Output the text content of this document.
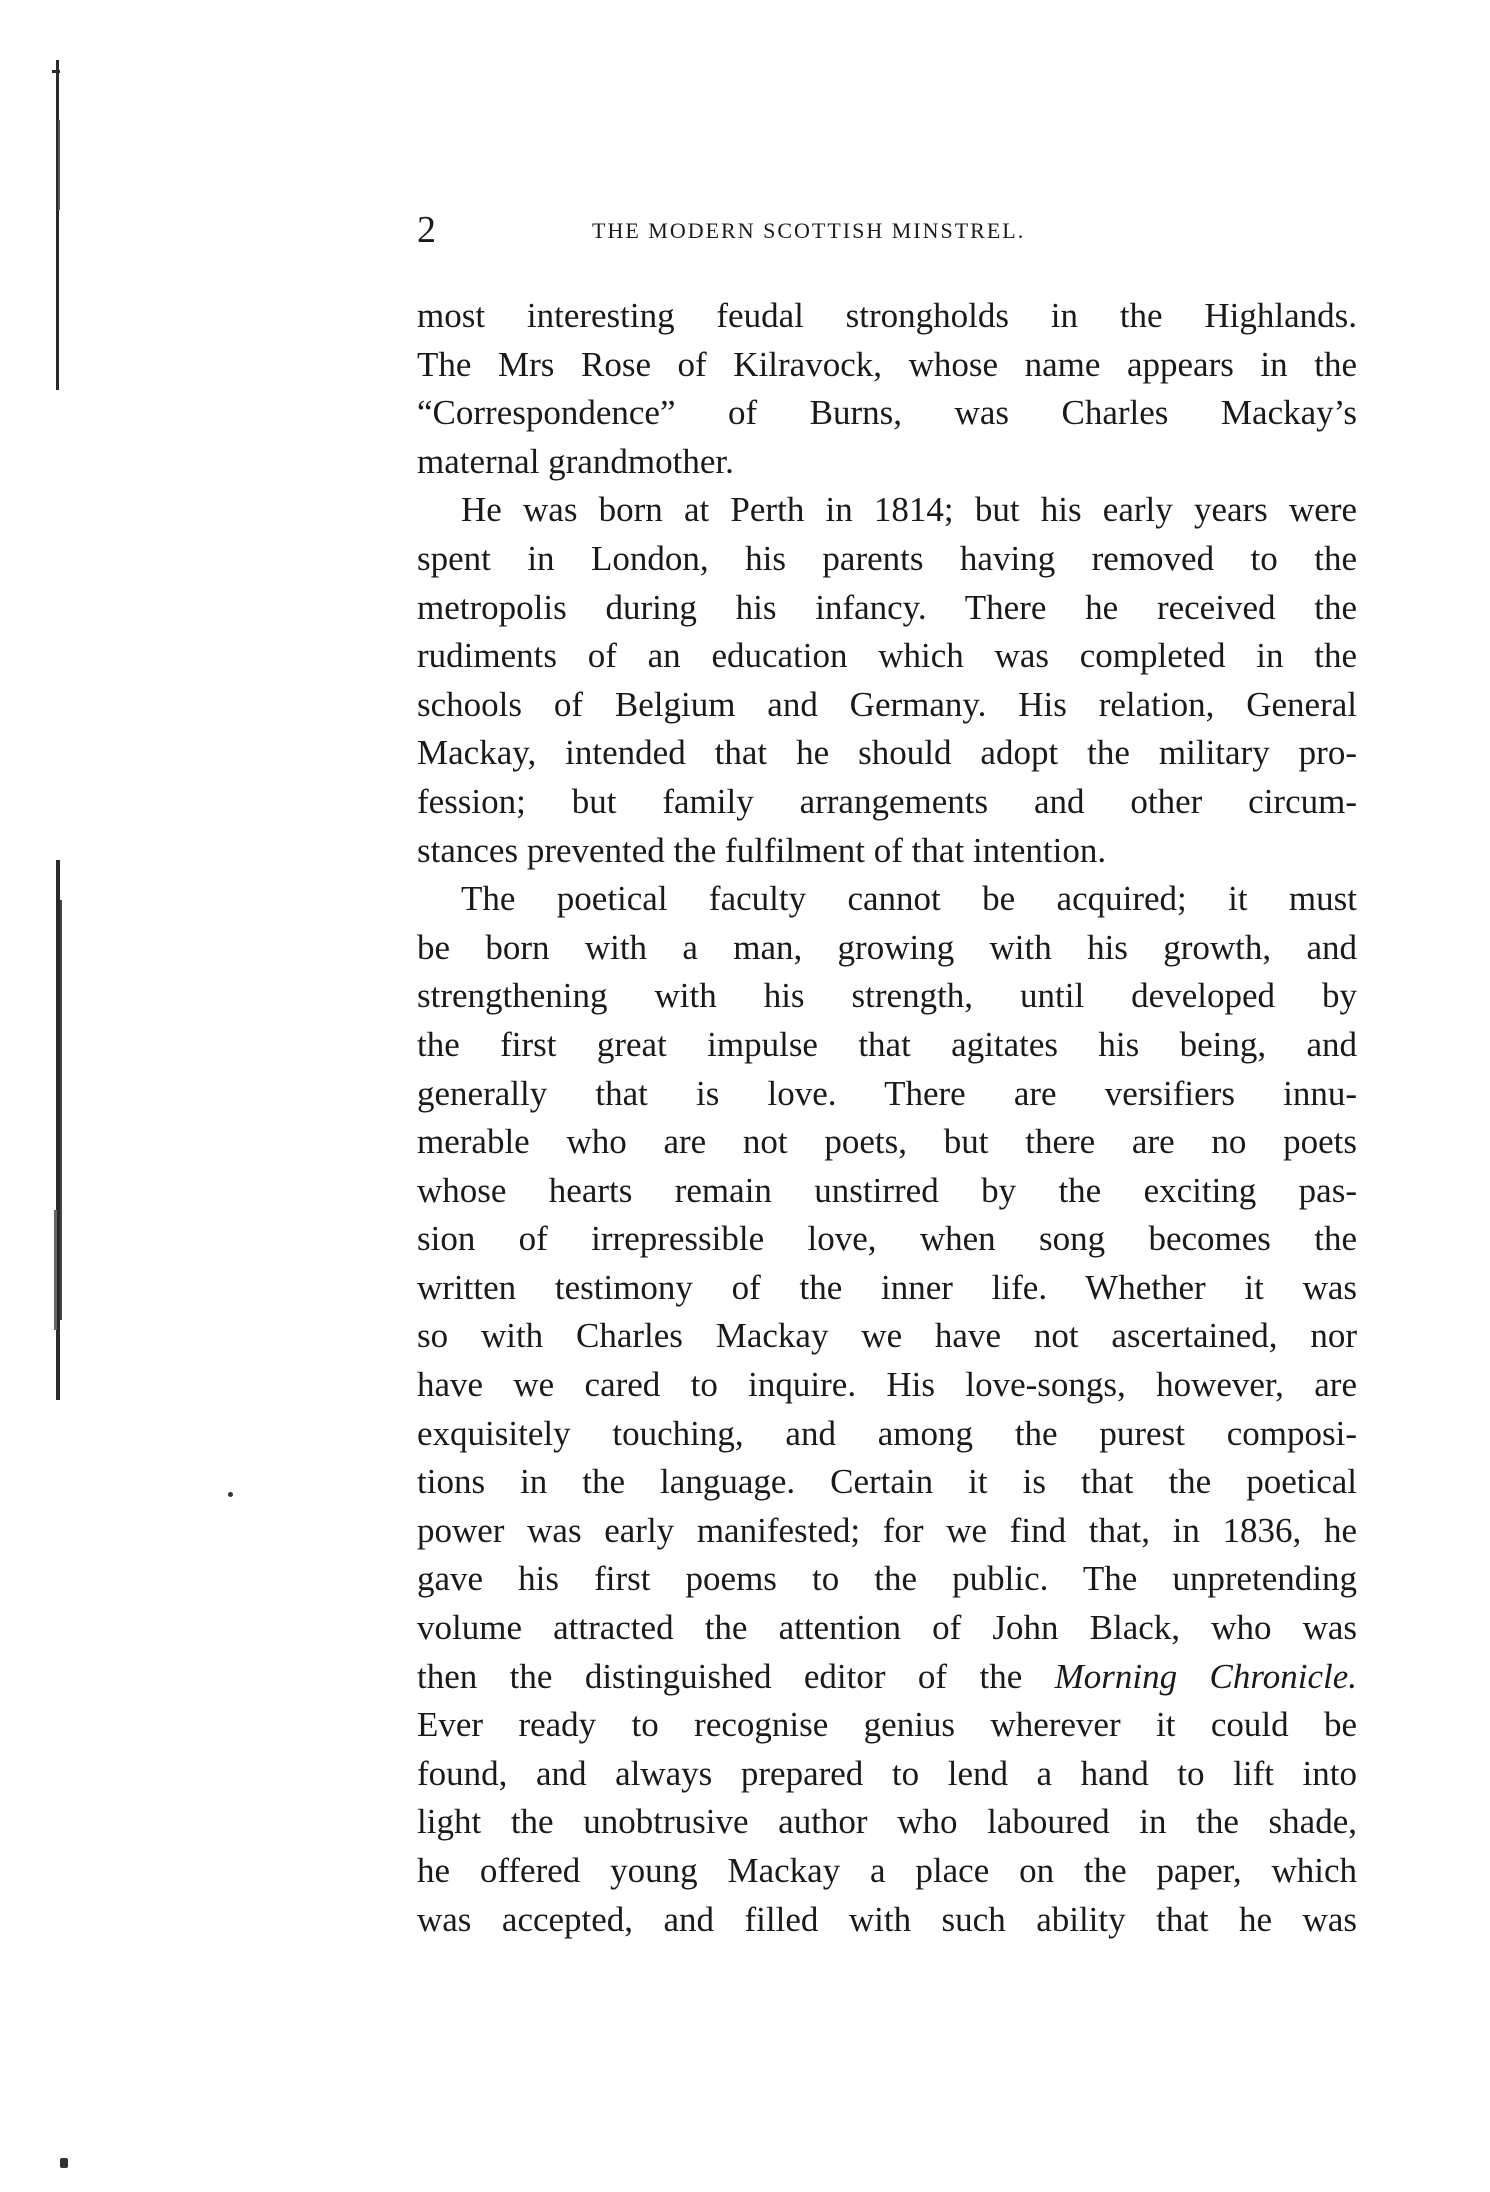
2	THE MODERN SCOTTISH MINSTREL.
most interesting feudal strongholds in the Highlands.
The Mrs Rose of Kilravock, whose name appears in the
“Correspondence” of Burns, was Charles Mackay’s
maternal grandmother.
He was born at Perth in 1814; but his early years were
spent in London, his parents having removed to the
metropolis during his infancy. There he received the
rudiments of an education which was completed in the
schools of Belgium and Germany. His relation, General
Mackay, intended that he should adopt the military pro-
fession; but family arrangements and other circum-
stances prevented the fulfilment of that intention.
The poetical faculty cannot be acquired; it must
be born with a man, growing with his growth, and
strengthening with his strength, until developed by
the first great impulse that agitates his being, and
generally that is love. There are versifiers innu-
merable who are not poets, but there are no poets
whose hearts remain unstirred by the exciting pas-
sion of irrepressible love, when song becomes the
written testimony of the inner life. Whether it was
so with Charles Mackay we have not ascertained, nor
have we cared to inquire. His love-songs, however, are
exquisitely touching, and among the purest composi-
tions in the language. Certain it is that the poetical
power was early manifested; for we find that, in 1836, he
gave his first poems to the public. The unpretending
volume attracted the attention of John Black, who was
then the distinguished editor of the Morning Chronicle.
Ever ready to recognise genius wherever it could be
found, and always prepared to lend a hand to lift into
light the unobtrusive author who laboured in the shade,
he offered young Mackay a place on the paper, which
was accepted, and filled with such ability that he was
